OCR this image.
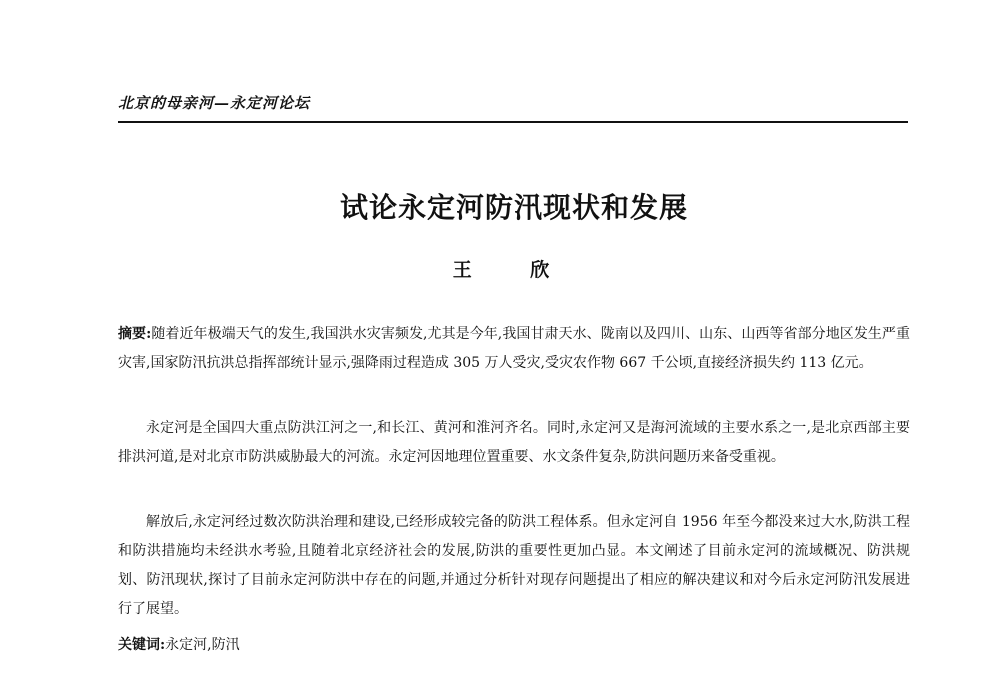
北京的母亲河—永定河论坛
试论永定河防汛现状和发展
王 欣
摘要:随着近年极端天气的发生,我国洪水灾害频发,尤其是今年,我国甘肃天水、陇南以及四川、山东、山西等省部分地区发生严重灾害,国家防汛抗洪总指挥部统计显示,强降雨过程造成 305 万人受灾,受灾农作物 667 千公顷,直接经济损失约 113 亿元。
永定河是全国四大重点防洪江河之一,和长江、黄河和淮河齐名。同时,永定河又是海河流域的主要水系之一,是北京西部主要排洪河道,是对北京市防洪威胁最大的河流。永定河因地理位置重要、水文条件复杂,防洪问题历来备受重视。
解放后,永定河经过数次防洪治理和建设,已经形成较完备的防洪工程体系。但永定河自 1956 年至今都没来过大水,防洪工程和防洪措施均未经洪水考验,且随着北京经济社会的发展,防洪的重要性更加凸显。本文阐述了目前永定河的流域概况、防洪规划、防汛现状,探讨了目前永定河防洪中存在的问题,并通过分析针对现存问题提出了相应的解决建议和对今后永定河防汛发展进行了展望。
关键词:永定河,防汛
